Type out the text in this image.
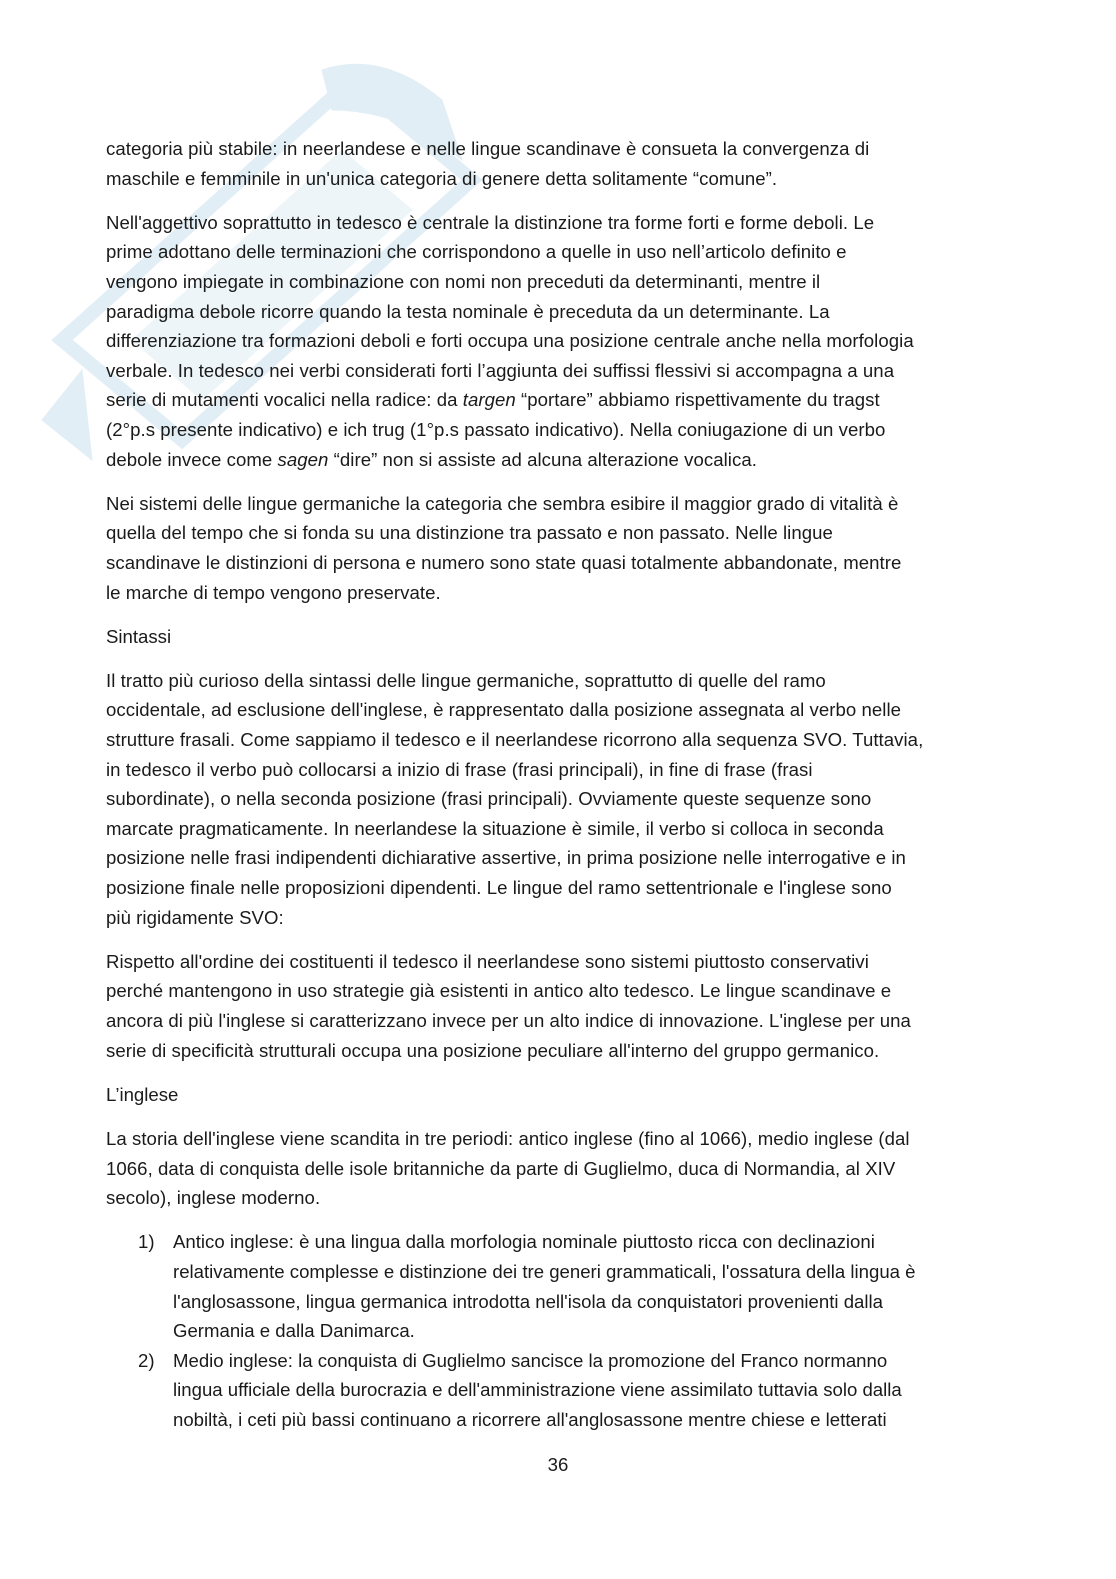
categoria più stabile: in neerlandese e nelle lingue scandinave è consueta la convergenza di
maschile e femminile in un'unica categoria di genere detta solitamente “comune”.

Nell'aggettivo soprattutto in tedesco è centrale la distinzione tra forme forti e forme deboli. Le
prime adottano delle terminazioni che corrispondono a quelle in uso nell’articolo definito e
vengono impiegate in combinazione con nomi non preceduti da determinanti, mentre il
paradigma debole ricorre quando la testa nominale è preceduta da un determinante. La
differenziazione tra formazioni deboli e forti occupa una posizione centrale anche nella morfologia
verbale. In tedesco nei verbi considerati forti l’aggiunta dei suffissi flessivi si accompagna a una
serie di mutamenti vocalici nella radice: da targen “portare” abbiamo rispettivamente du tragst
(2°p.s presente indicativo) e ich trug (1°p.s passato indicativo). Nella coniugazione di un verbo
debole invece come sagen “dire” non si assiste ad alcuna alterazione vocalica.

Nei sistemi delle lingue germaniche la categoria che sembra esibire il maggior grado di vitalità è
quella del tempo che si fonda su una distinzione tra passato e non passato. Nelle lingue
scandinave le distinzioni di persona e numero sono state quasi totalmente abbandonate, mentre
le marche di tempo vengono preservate.

Sintassi

Il tratto più curioso della sintassi delle lingue germaniche, soprattutto di quelle del ramo
occidentale, ad esclusione dell'inglese, è rappresentato dalla posizione assegnata al verbo nelle
strutture frasali. Come sappiamo il tedesco e il neerlandese ricorrono alla sequenza SVO. Tuttavia,
in tedesco il verbo può collocarsi a inizio di frase (frasi principali), in fine di frase (frasi
subordinate), o nella seconda posizione (frasi principali). Ovviamente queste sequenze sono
marcate pragmaticamente. In neerlandese la situazione è simile, il verbo si colloca in seconda
posizione nelle frasi indipendenti dichiarative assertive, in prima posizione nelle interrogative e in
posizione finale nelle proposizioni dipendenti. Le lingue del ramo settentrionale e l'inglese sono
più rigidamente SVO:

Rispetto all'ordine dei costituenti il tedesco il neerlandese sono sistemi piuttosto conservativi
perché mantengono in uso strategie già esistenti in antico alto tedesco. Le lingue scandinave e
ancora di più l'inglese si caratterizzano invece per un alto indice di innovazione. L'inglese per una
serie di specificità strutturali occupa una posizione peculiare all'interno del gruppo germanico.

L’inglese

La storia dell'inglese viene scandita in tre periodi: antico inglese (fino al 1066), medio inglese (dal
1066, data di conquista delle isole britanniche da parte di Guglielmo, duca di Normandia, al XIV
secolo), inglese moderno.

1) Antico inglese: è una lingua dalla morfologia nominale piuttosto ricca con declinazioni
relativamente complesse e distinzione dei tre generi grammaticali, l'ossatura della lingua è
l'anglosassone, lingua germanica introdotta nell'isola da conquistatori provenienti dalla
Germania e dalla Danimarca.
2) Medio inglese: la conquista di Guglielmo sancisce la promozione del Franco normanno
lingua ufficiale della burocrazia e dell'amministrazione viene assimilato tuttavia solo dalla
nobiltà, i ceti più bassi continuano a ricorrere all'anglosassone mentre chiese e letterati
36
